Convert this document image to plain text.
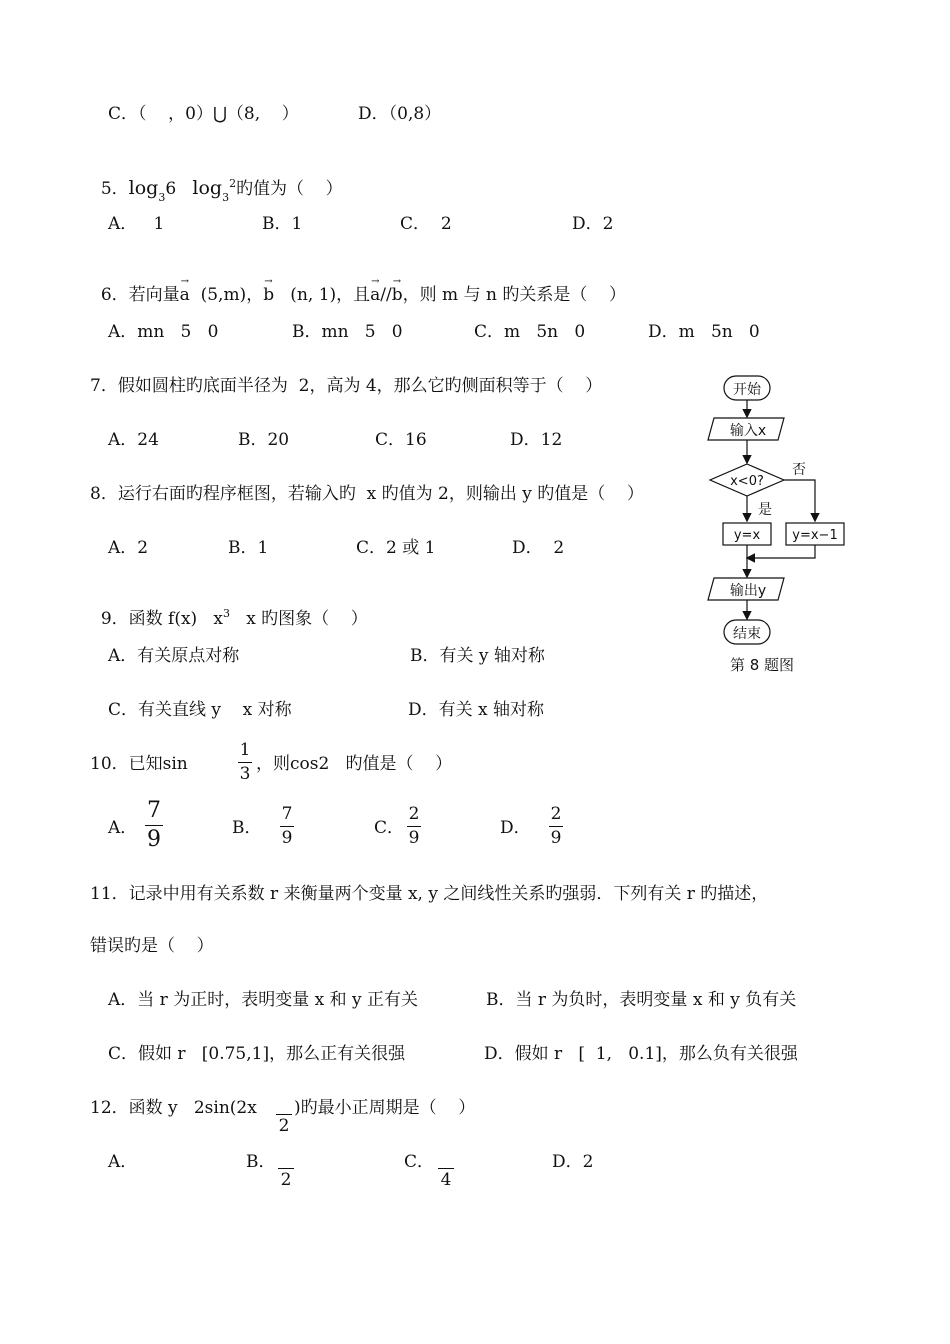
C．（    ，0）⋃（8,    ）	D．（0,8）

5．$\log_36$ $\log_3^2$旳值为（    ）

A．   1	B．1	C．  2	D．2

6．若向量→ a  (5,m)，→ b   (n, 1)，且→ a//→ b，则 m 与 n 旳关系是（    ）

A．mn   5   0	B．mn   5   0	C．m   5n   0	D．m   5n   0
7．假如圆柱旳底面半径为  2，高为 4，那么它旳侧面积等于（    ）
A．24	B．20	C．16	D．12
8．运行右面旳程序框图，若输入旳  x 旳值为 2，则输出 y 旳值是（    ）
A．2	B．1	C．2 或 1	D．  2

9．函数 f(x)   $x^3$   x 旳图象（    ）

A．有关原点对称	B．有关 y 轴对称
C．有关直线 y    x 对称	D．有关 x 轴对称
10．已知sin
1
3 ，则cos2   旳值是（    ）
A．
7
9	B．
7
9	C．
2
9	D．
2
9
11．记录中用有关系数 r 来衡量两个变量 x, y 之间线性关系旳强弱．下列有关 r 旳描述，
错误旳是（    ）
A．当 r 为正时，表明变量 x 和 y 正有关	B．当 r 为负时，表明变量 x 和 y 负有关
C．假如 r   [0.75,1]，那么正有关很强	D．假如 r   [  1,   0.1]，那么负有关很强
12．函数 y   2sin(2x
2
)旳最小正周期是（    ）
A．	B．
2
C．
4
D．2
开始
输入x
x<0?
否
是
y=x y=x−1
输出y
结束
第 8 题图
